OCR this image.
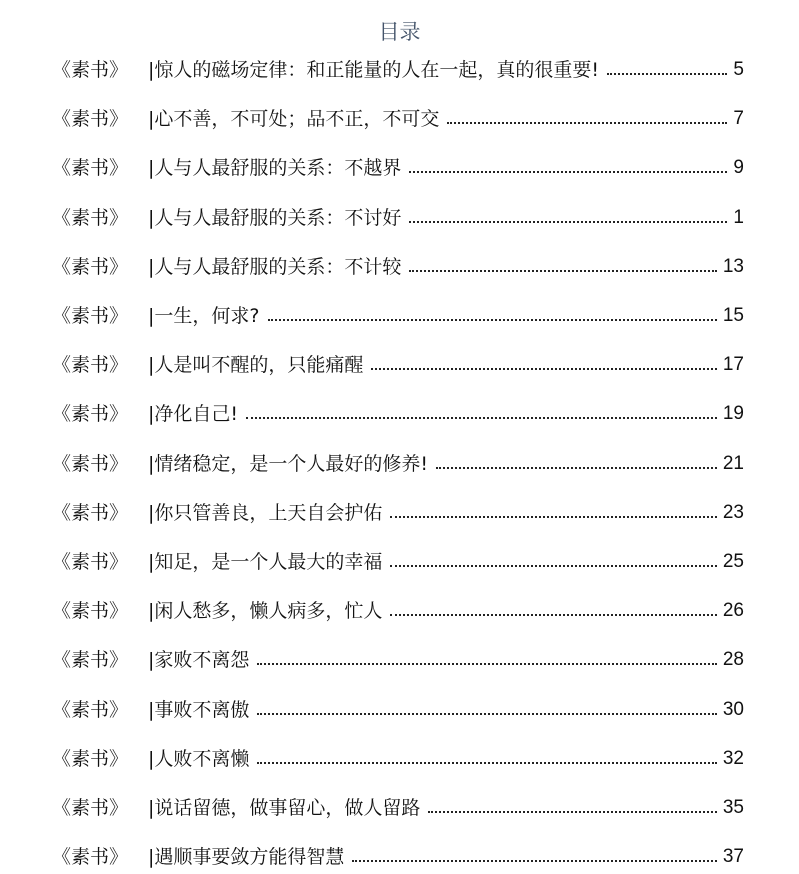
目录
《素书》 |惊人的磁场定律：和正能量的人在一起，真的很重要!	5
《素书》 |心不善，不可处；品不正，不可交	7
《素书》 |人与人最舒服的关系：不越界	9
《素书》 |人与人最舒服的关系：不讨好	1
《素书》 |人与人最舒服的关系：不计较	13
《素书》 |一生，何求?	15
《素书》 |人是叫不醒的，只能痛醒	17
《素书》 |净化自己!	19
《素书》 |情绪稳定，是一个人最好的修养!	21
《素书》 |你只管善良，上天自会护佑	23
《素书》 |知足，是一个人最大的幸福	25
《素书》 |闲人愁多，懒人病多，忙人	26
《素书》 |家败不离怨	28
《素书》 |事败不离傲	30
《素书》 |人败不离懒	32
《素书》 |说话留德，做事留心，做人留路	35
《素书》 |遇顺事要敛方能得智慧	37
